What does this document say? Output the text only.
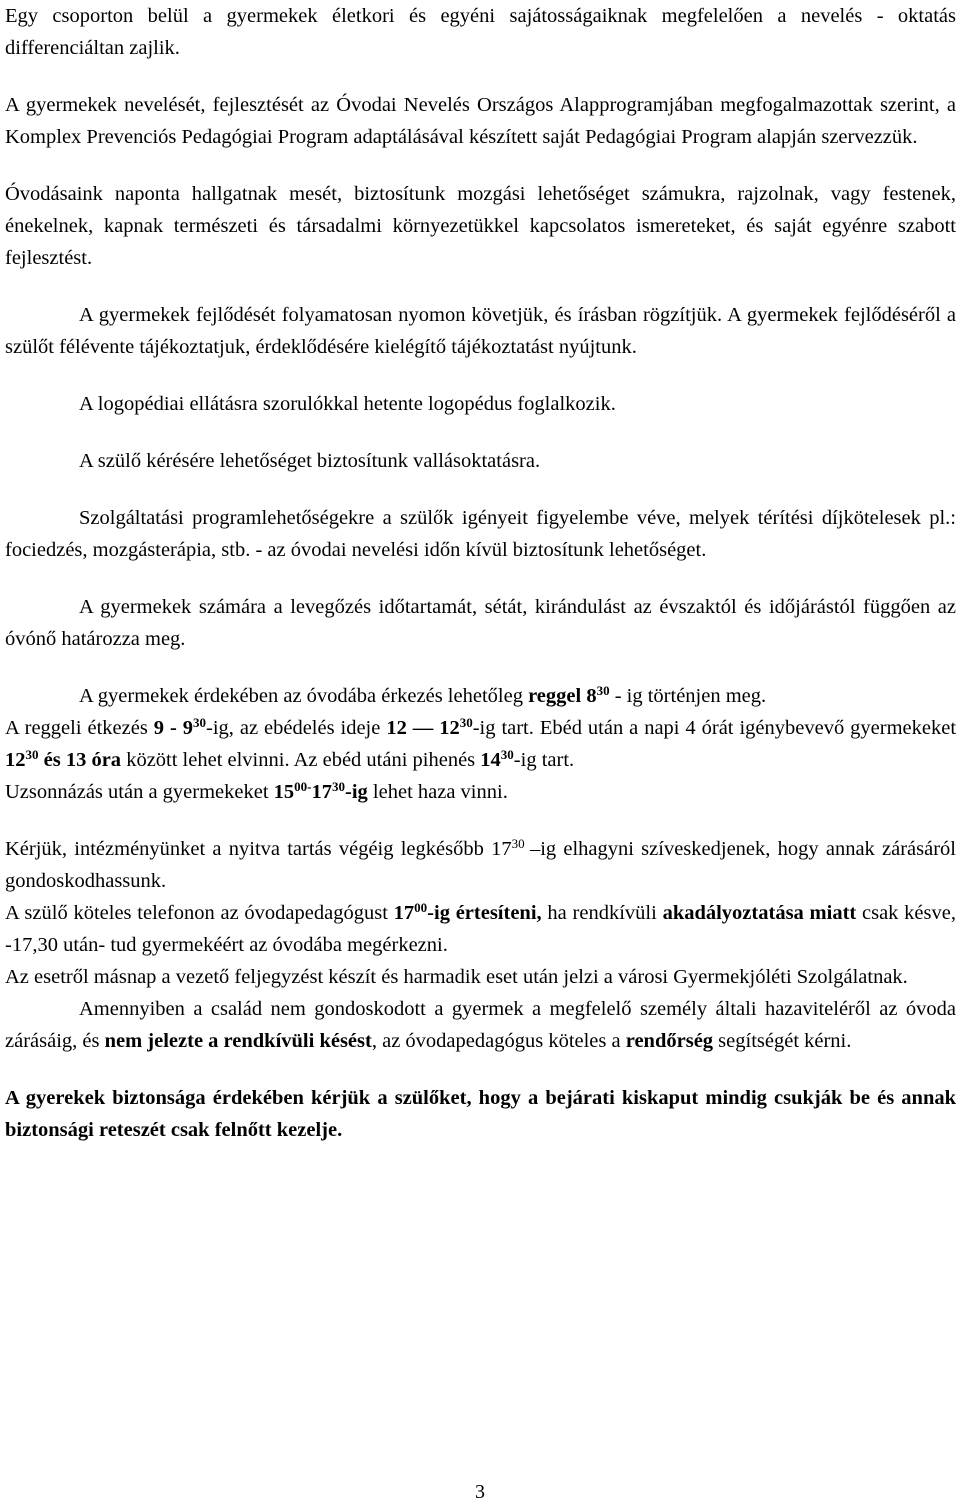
Egy csoporton belül a gyermekek életkori és egyéni sajátosságaiknak megfelelően a nevelés - oktatás differenciáltan zajlik.

A gyermekek nevelését, fejlesztését az Óvodai Nevelés Országos Alapprogramjában megfogalmazottak szerint, a Komplex Prevenciós Pedagógiai Program adaptálásával készített saját Pedagógiai Program alapján szervezzük.

Óvodásaink naponta hallgatnak mesét, biztosítunk mozgási lehetőséget számukra, rajzolnak, vagy festenek, énekelnek, kapnak természeti és társadalmi környezetükkel kapcsolatos ismereteket, és saját egyénre szabott fejlesztést.

A gyermekek fejlődését folyamatosan nyomon követjük, és írásban rögzítjük. A gyermekek fejlődéséről a szülőt félévente tájékoztatjuk, érdeklődésére kielégítő tájékoztatást nyújtunk.

A logopédiai ellátásra szorulókkal hetente logopédus foglalkozik.

A szülő kérésére lehetőséget biztosítunk vallásoktatásra.

Szolgáltatási programlehetőségekre a szülők igényeit figyelembe véve, melyek térítési díjkötelesek pl.: fociedzés, mozgásterápia, stb. - az óvodai nevelési időn kívül biztosítunk lehetőséget.

A gyermekek számára a levegőzés időtartamát, sétát, kirándulást az évszaktól és időjárástól függően az óvónő határozza meg.

A gyermekek érdekében az óvodába érkezés lehetőleg reggel $8^{30}$ - ig történjen meg.

A reggeli étkezés $9 - 9^{30}-ig$, az ebédelés ideje 12 — $12^{30}-ig$ tart. Ebéd után a napi 4 órát igénybevevő gyermekeket $12^{30}$ és 13 óra között lehet elvinni. Az ebéd utáni pihenés $14^{30}-ig$ tart.

Uzsonnázás után a gyermekeket $15^{00-}17^{30}-ig$ lehet haza vinni.

Kérjük, intézményünket a nyitva tartás végéig legkésőbb $17^{30}$ –ig elhagyni szíveskedjenek, hogy annak zárásáról gondoskodhassunk.

A szülő köteles telefonon az óvodapedagógust $17^{00}-ig$ értesíteni, ha rendkívüli akadályoztatása miatt csak késve, -17,30 után- tud gyermekéért az óvodába megérkezni.

Az esetről másnap a vezető feljegyzést készít és harmadik eset után jelzi a városi Gyermekjóléti Szolgálatnak.

Amennyiben a család nem gondoskodott a gyermek a megfelelő személy általi hazaviteléről az óvoda zárásáig, és nem jelezte a rendkívüli késést, az óvodapedagógus köteles a rendőrség segítségét kérni.

A gyerekek biztonsága érdekében kérjük a szülőket, hogy a bejárati kiskaput mindig csukják be és annak biztonsági reteszét csak felnőtt kezelje.

3
